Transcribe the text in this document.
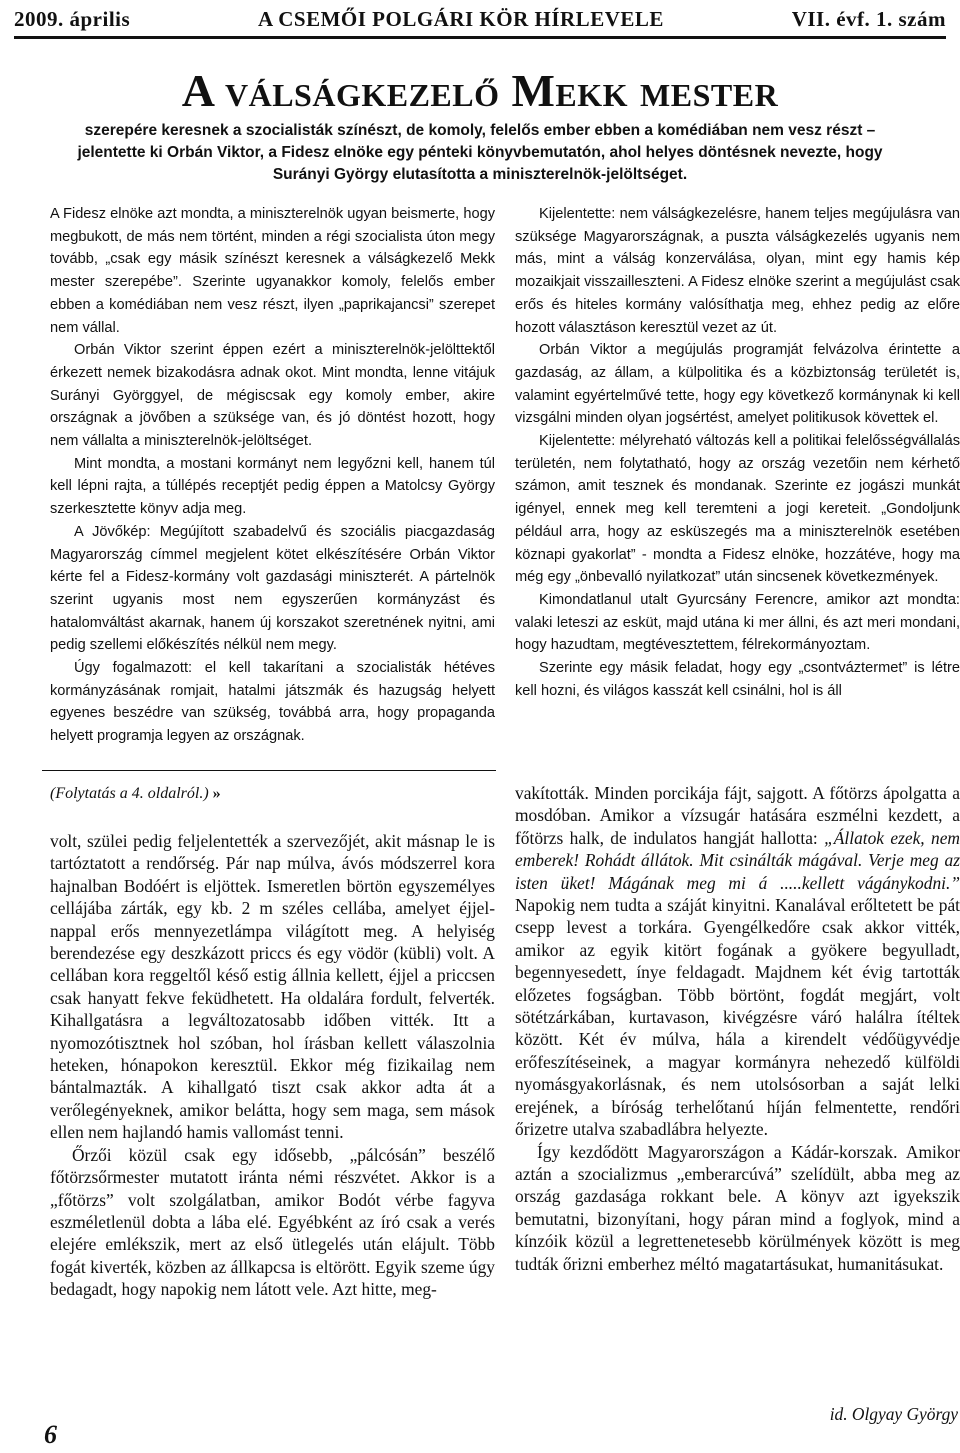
2009. április	A CSEMŐI POLGÁRI KÖR HÍRLEVELE	VII. évf. 1. szám
A válságkezelő Mekk mester

szerepére keresnek a szocialisták színészt, de komoly, felelős ember ebben a komédiában nem vesz részt – jelentette ki Orbán Viktor, a Fidesz elnöke egy pénteki könyvbemutatón, ahol helyes döntésnek nevezte, hogy Surányi György elutasította a miniszterelnök-jelöltséget.

A Fidesz elnöke azt mondta, a miniszterelnök ugyan beismerte, hogy megbukott, de más nem történt, minden a régi szocialista úton megy tovább, „csak egy másik színészt keresnek a válságkezelő Mekk mester szerepébe”. Szerinte ugyanakkor komoly, felelős ember ebben a komédiában nem vesz részt, ilyen „paprikajancsi” szerepet nem vállal.

Orbán Viktor szerint éppen ezért a miniszterelnök-jelölttektől érkezett nemek bizakodásra adnak okot. Mint mondta, lenne vitájuk Surányi Györggyel, de mégiscsak egy komoly ember, akire országnak a jövőben a szüksége van, és jó döntést hozott, hogy nem vállalta a miniszterelnök-jelöltséget.

Mint mondta, a mostani kormányt nem legyőzni kell, hanem túl kell lépni rajta, a túllépés receptjét pedig éppen a Matolcsy György szerkesztette könyv adja meg.

A Jövőkép: Megújított szabadelvű és szociális piacgazdaság Magyarország címmel megjelent kötet elkészítésére Orbán Viktor kérte fel a Fidesz-kormány volt gazdasági miniszterét. A pártelnök szerint ugyanis most nem egyszerűen kormányzást és hatalomváltást akarnak, hanem új korszakot szeretnének nyitni, ami pedig szellemi előkészítés nélkül nem megy.

Úgy fogalmazott: el kell takarítani a szocialisták hétéves kormányzásának romjait, hatalmi játszmák és hazugság helyett egyenes beszédre van szükség, továbbá arra, hogy propaganda helyett programja legyen az országnak.

Kijelentette: nem válságkezelésre, hanem teljes megújulásra van szüksége Magyarországnak, a puszta válságkezelés ugyanis nem más, mint a válság konzerválása, olyan, mint egy hamis kép mozaikjait visszailleszteni. A Fidesz elnöke szerint a megújulást csak erős és hiteles kormány valósíthatja meg, ehhez pedig az előre hozott választáson keresztül vezet az út.

Orbán Viktor a megújulás programját felvázolva érintette a gazdaság, az állam, a külpolitika és a közbiztonság területét is, valamint egyértelművé tette, hogy egy következő kormánynak ki kell vizsgálni minden olyan jogsértést, amelyet politikusok követtek el.

Kijelentette: mélyreható változás kell a politikai felelősségvállalás területén, nem folytatható, hogy az ország vezetőin nem kérhető számon, amit tesznek és mondanak. Szerinte ez jogászi munkát igényel, ennek meg kell teremteni a jogi kereteit. „Gondoljunk például arra, hogy az esküszegés ma a miniszterelnök esetében köznapi gyakorlat” - mondta a Fidesz elnöke, hozzátéve, hogy ma még egy „önbevalló nyilatkozat” után sincsenek következmények.

Kimondatlanul utalt Gyurcsány Ferencre, amikor azt mondta: valaki leteszi az esküt, majd utána ki mer állni, és azt meri mondani, hogy hazudtam, megtévesztettem, félrekormányoztam.

Szerinte egy másik feladat, hogy egy „csontváztermet” is létre kell hozni, és világos kasszát kell csinálni, hol is áll

(Folytatás a 4. oldalról.) »

volt, szülei pedig feljelentették a szervezőjét, akit másnap le is tartóztatott a rendőrség. Pár nap múlva, ávós módszerrel kora hajnalban Bodóért is eljöttek. Ismeretlen börtön egyszemélyes cellájába zárták, egy kb. 2 m széles cellába, amelyet éjjel-nappal erős mennyezetlámpa világított meg. A helyiség berendezése egy deszkázott priccs és egy vödör (kübli) volt. A cellában kora reggeltől késő estig állnia kellett, éjjel a priccsen csak hanyatt fekve feküdhetett. Ha oldalára fordult, felverték. Kihallgatásra a legváltozatosabb időben vitték. Itt a nyomozótisztnek hol szóban, hol írásban kellett válaszolnia heteken, hónapokon keresztül. Ekkor még fizikailag nem bántalmazták. A kihallgató tiszt csak akkor adta át a verőlegényeknek, amikor belátta, hogy sem maga, sem mások ellen nem hajlandó hamis vallomást tenni.

Őrzői közül csak egy idősebb, „pálcósán” beszélő főtörzsőrmester mutatott iránta némi részvétet. Akkor is a „főtörzs” volt szolgálatban, amikor Bodót vérbe fagyva eszméletlenül dobta a lába elé. Egyébként az író csak a verés elejére emlékszik, mert az első ütlegelés után elájult. Több fogát kiverték, közben az állkapcsa is eltörött. Egyik szeme úgy bedagadt, hogy napokig nem látott vele. Azt hitte, meg-

vakították. Minden porcikája fájt, sajgott. A főtörzs ápolgatta a mosdóban. Amikor a vízsugár hatására eszmélni kezdett, a főtörzs halk, de indulatos hangját hallotta: „Állatok ezek, nem emberek! Rohádt állátok. Mit csinálták mágával. Verje meg az isten üket! Mágának meg mi á .....kellett vágánykodni.” Napokig nem tudta a száját kinyitni. Kanalával erőltetett be pát csepp levest a torkára. Gyengélkedőre csak akkor vitték, amikor az egyik kitört fogának a gyökere begyulladt, begennyesedett, ínye feldagadt. Majdnem két évig tartották előzetes fogságban. Több börtönt, fogdát megjárt, volt sötétzárkában, kurtavason, kivégzésre váró halálra ítéltek között. Két év múlva, hála a kirendelt védőügyvédje erőfeszítéseinek, a magyar kormányra nehezedő külföldi nyomásgyakorlásnak, és nem utolsósorban a saját lelki erejének, a bíróság terhelőtanú híján felmentette, rendőri őrizetre utalva szabadlábra helyezte.

Így kezdődött Magyarországon a Kádár-korszak. Amikor aztán a szocializmus „emberarcúvá” szelídült, abba meg az ország gazdasága rokkant bele. A könyv azt igyekszik bemutatni, bizonyítani, hogy páran mind a foglyok, mind a kínzóik közül a legrettenetesebb körülmények között is meg tudták őrizni emberhez méltó magatartásukat, humanitásukat.

id. Olgyay György
6
